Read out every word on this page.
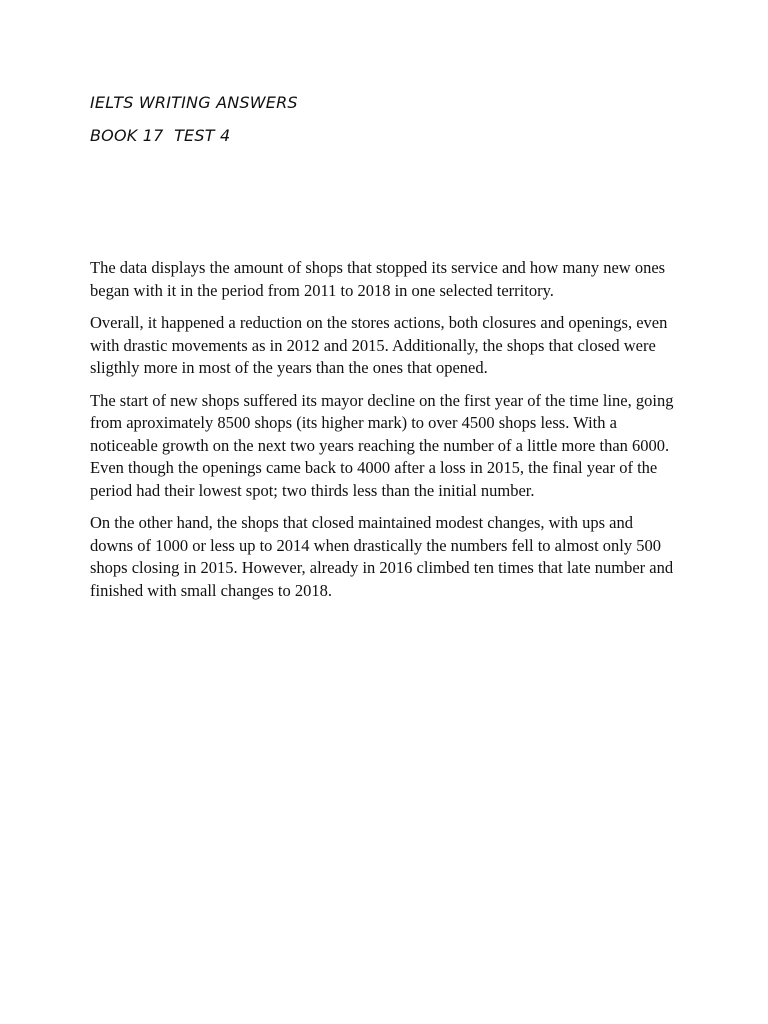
IELTS WRITING ANSWERS
BOOK 17  TEST 4

The data displays the amount of shops that stopped its service and how many new ones began with it in the period from 2011 to 2018 in one selected territory.

Overall, it happened a reduction on the stores actions, both closures and openings, even with drastic movements as in 2012 and 2015. Additionally, the shops that closed were sligthly more in most of the years than the ones that opened.

The start of new shops suffered its mayor decline on the first year of the time line, going from aproximately 8500 shops (its higher mark) to over 4500 shops less. With a noticeable growth on the next two years reaching the number of a little more than 6000. Even though the openings came back to 4000 after a loss in 2015, the final year of the period had their lowest spot; two thirds less than the initial number.

On the other hand, the shops that closed maintained modest changes, with ups and downs of 1000 or less up to 2014 when drastically the numbers fell to almost only 500 shops closing in 2015. However, already in 2016 climbed ten times that late number and finished with small changes to 2018.
